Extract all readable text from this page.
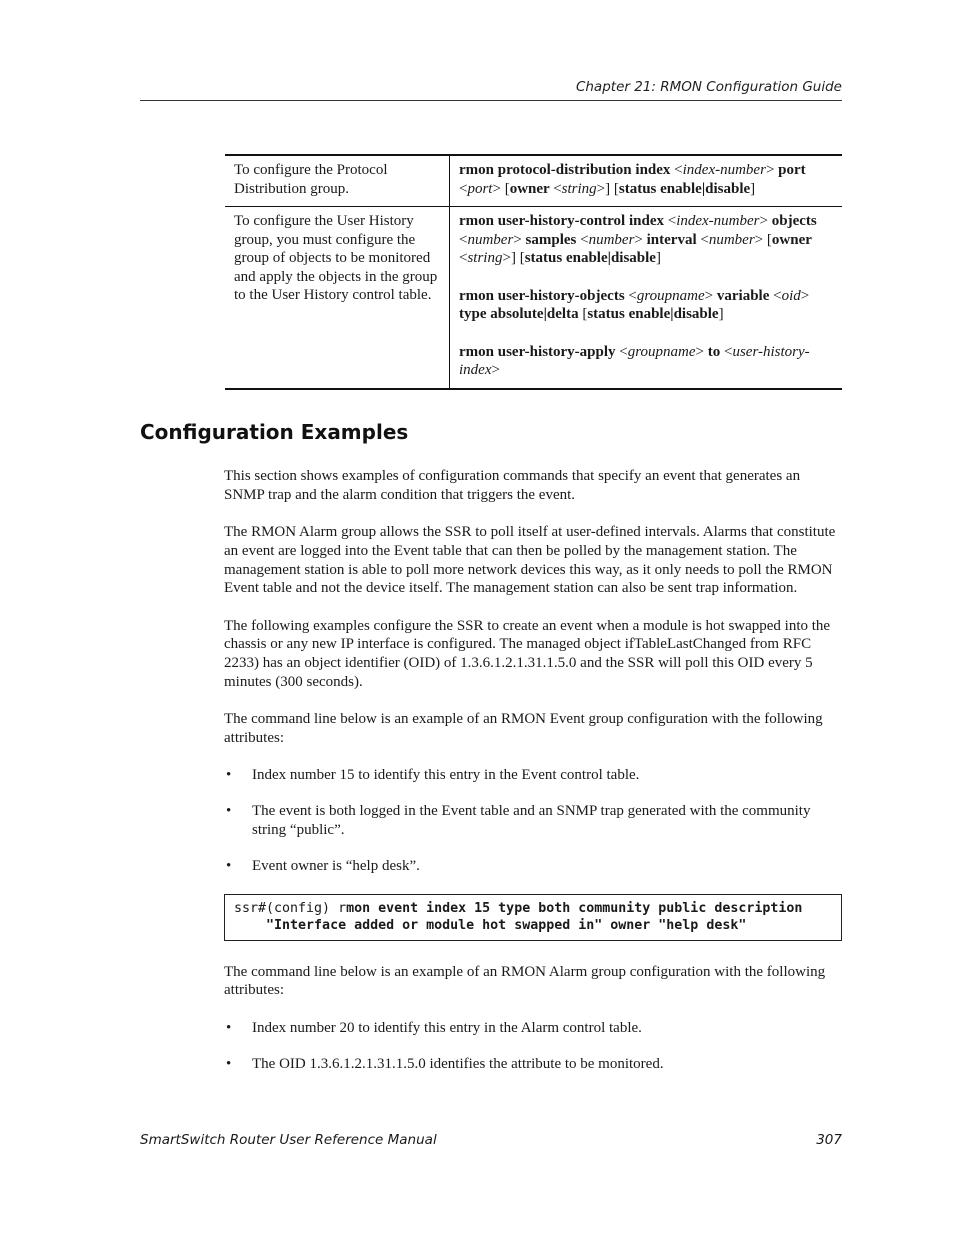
Chapter 21: RMON Configuration Guide
To configure the Protocol Distribution group.	rmon protocol-distribution index <index-number> port <port> [owner <string>] [status enable|disable]

To configure the User History group, you must configure the group of objects to be monitored and apply the objects in the group to the User History control table.	rmon user-history-control index <index-number> objects <number> samples <number> interval <number> [owner <string>] [status enable|disable]

rmon user-history-objects <groupname> variable <oid> type absolute|delta [status enable|disable]

rmon user-history-apply <groupname> to <user-history-index>

Configuration Examples

This section shows examples of configuration commands that specify an event that generates an SNMP trap and the alarm condition that triggers the event.

The RMON Alarm group allows the SSR to poll itself at user-defined intervals. Alarms that constitute an event are logged into the Event table that can then be polled by the management station. The management station is able to poll more network devices this way, as it only needs to poll the RMON Event table and not the device itself. The management station can also be sent trap information.

The following examples configure the SSR to create an event when a module is hot swapped into the chassis or any new IP interface is configured. The managed object ifTableLastChanged from RFC 2233) has an object identifier (OID) of 1.3.6.1.2.1.31.1.5.0 and the SSR will poll this OID every 5 minutes (300 seconds).

The command line below is an example of an RMON Event group configuration with the following attributes:

• Index number 15 to identify this entry in the Event control table.
• The event is both logged in the Event table and an SNMP trap generated with the community string “public”.
• Event owner is “help desk”.
ssr#(config) rmon event index 15 type both community public description
"Interface added or module hot swapped in" owner "help desk"

The command line below is an example of an RMON Alarm group configuration with the following attributes:

• Index number 20 to identify this entry in the Alarm control table.
• The OID 1.3.6.1.2.1.31.1.5.0 identifies the attribute to be monitored.
SmartSwitch Router User Reference Manual	307
